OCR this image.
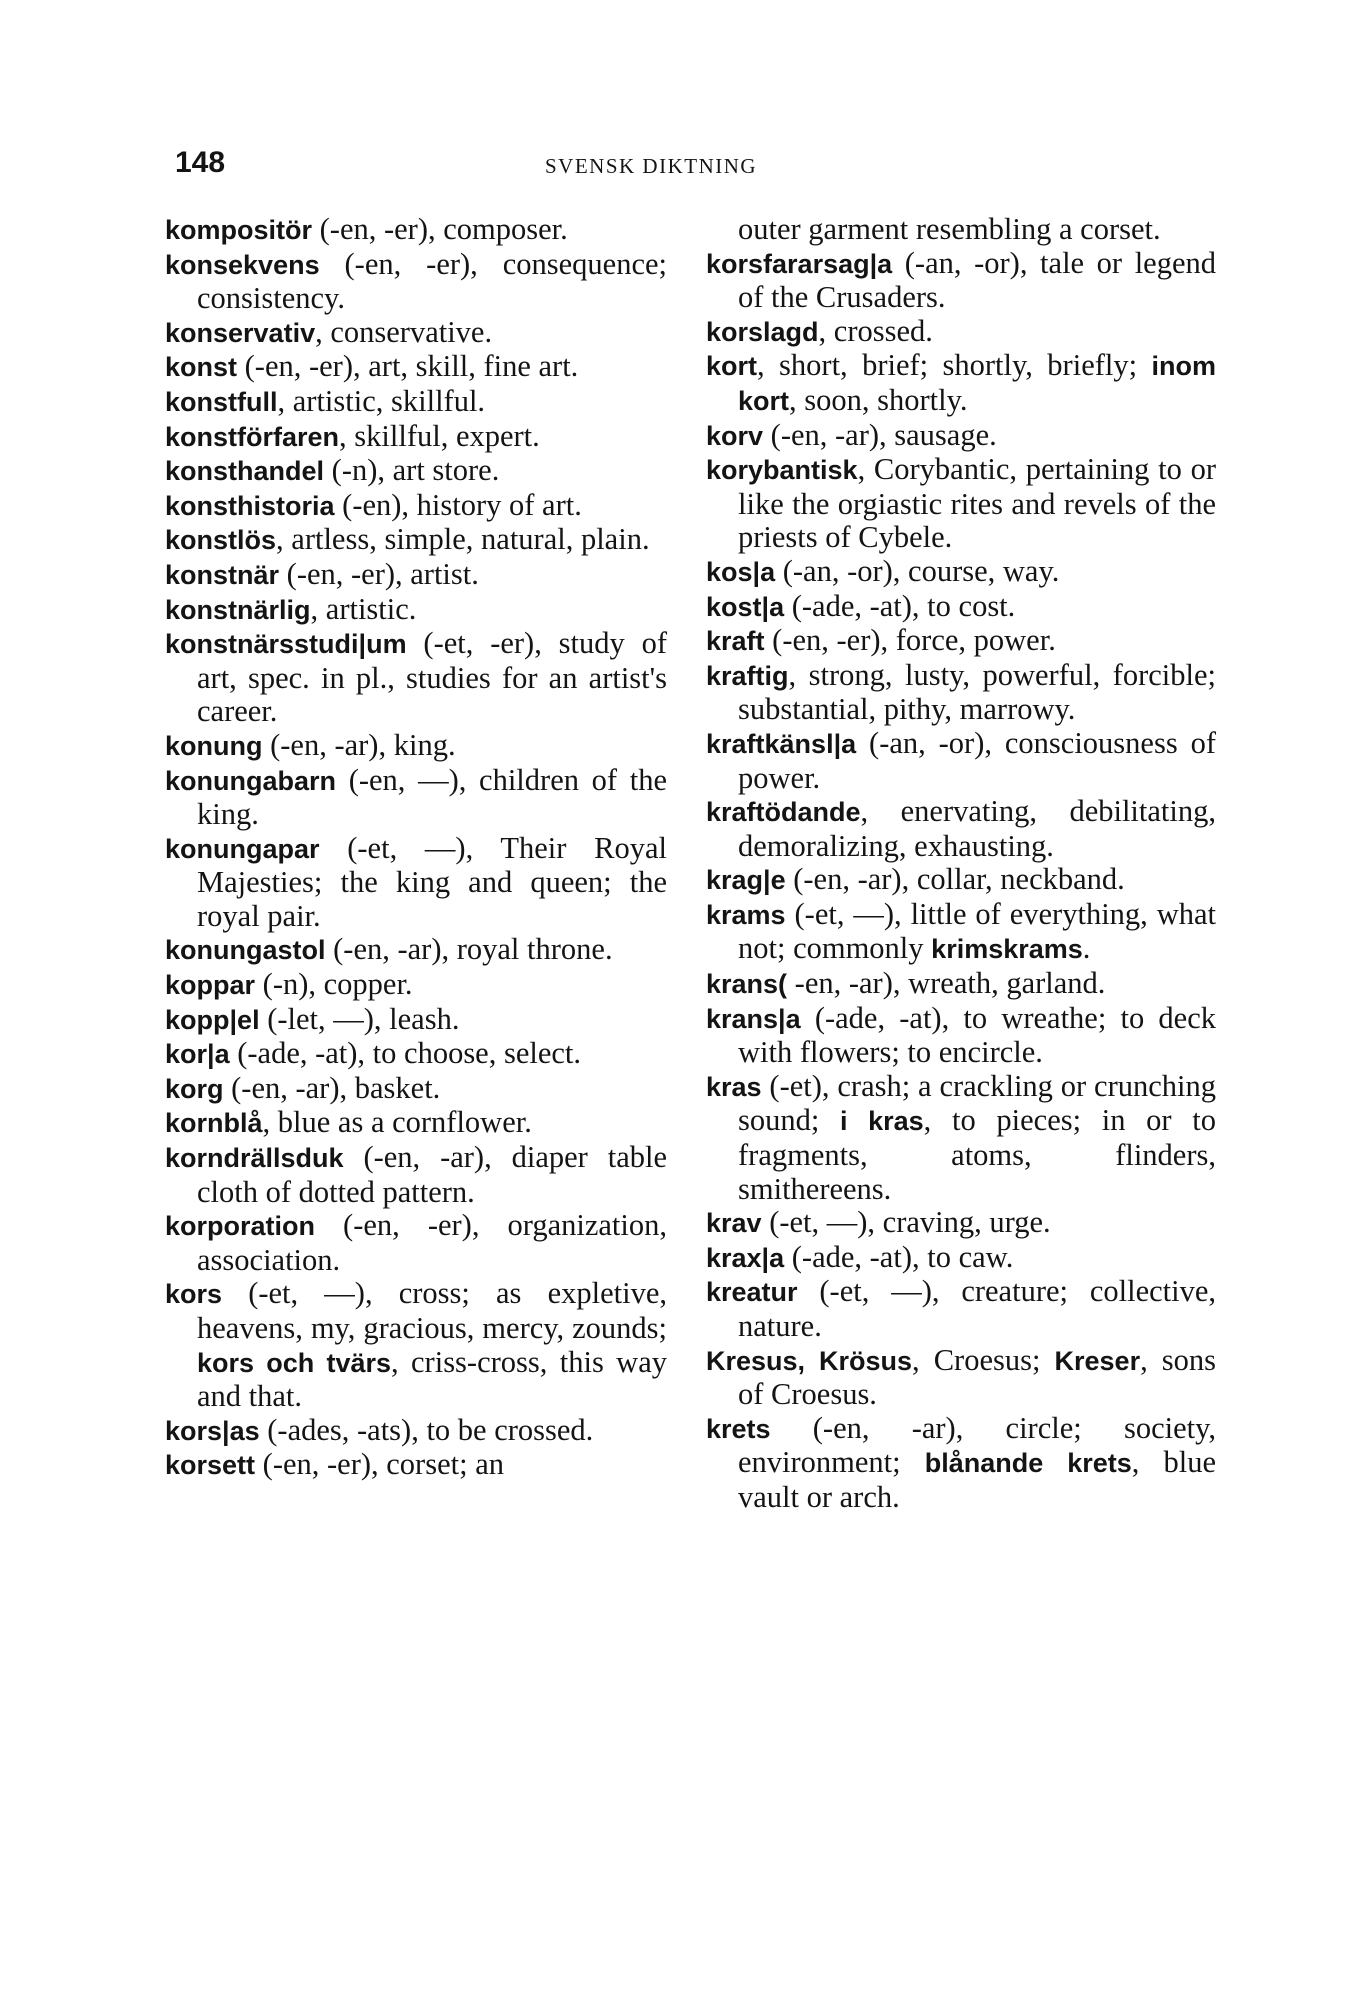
148	SVENSK DIKTNING

kompositör (-en, -er), composer.

konsekvens (-en, -er), consequence; consistency.

konservativ, conservative.

konst (-en, -er), art, skill, fine art.

konstfull, artistic, skillful.

konstförfaren, skillful, expert.

konsthandel (-n), art store.

konsthistoria (-en), history of art.

konstlös, artless, simple, natural, plain.

konstnär (-en, -er), artist.

konstnärlig, artistic.

konstnärsstudi|um (-et, -er), study of art, spec. in pl., studies for an artist's career.

konung (-en, -ar), king.

konungabarn (-en, —), children of the king.

konungapar (-et, —), Their Royal Majesties; the king and queen; the royal pair.

konungastol (-en, -ar), royal throne.

koppar (-n), copper.

kopp|el (-let, —), leash.

kor|a (-ade, -at), to choose, select.

korg (-en, -ar), basket.

kornblå, blue as a cornflower.

korndrällsduk (-en, -ar), diaper table cloth of dotted pattern.

korporation (-en, -er), organization, association.

kors (-et, —), cross; as expletive, heavens, my, gracious, mercy, zounds; kors och tvärs, criss-cross, this way and that.

kors|as (-ades, -ats), to be crossed.

korsett (-en, -er), corset; an

outer garment resembling a corset.

korsfararsag|a (-an, -or), tale or legend of the Crusaders.

korslagd, crossed.

kort, short, brief; shortly, briefly; inom kort, soon, shortly.

korv (-en, -ar), sausage.

korybantisk, Corybantic, pertaining to or like the orgiastic rites and revels of the priests of Cybele.

kos|a (-an, -or), course, way.

kost|a (-ade, -at), to cost.

kraft (-en, -er), force, power.

kraftig, strong, lusty, powerful, forcible; substantial, pithy, marrowy.

kraftkänsl|a (-an, -or), consciousness of power.

kraftödande, enervating, debilitating, demoralizing, exhausting.

krag|e (-en, -ar), collar, neckband.

krams (-et, —), little of everything, what not; commonly krimskrams.

krans( -en, -ar), wreath, garland.

krans|a (-ade, -at), to wreathe; to deck with flowers; to encircle.

kras (-et), crash; a crackling or crunching sound; i kras, to pieces; in or to fragments, atoms, flinders, smithereens.

krav (-et, —), craving, urge.

krax|a (-ade, -at), to caw.

kreatur (-et, —), creature; collective, nature.

Kresus, Krösus, Croesus; Kreser, sons of Croesus.

krets (-en, -ar), circle; society, environment; blånande krets, blue vault or arch.
